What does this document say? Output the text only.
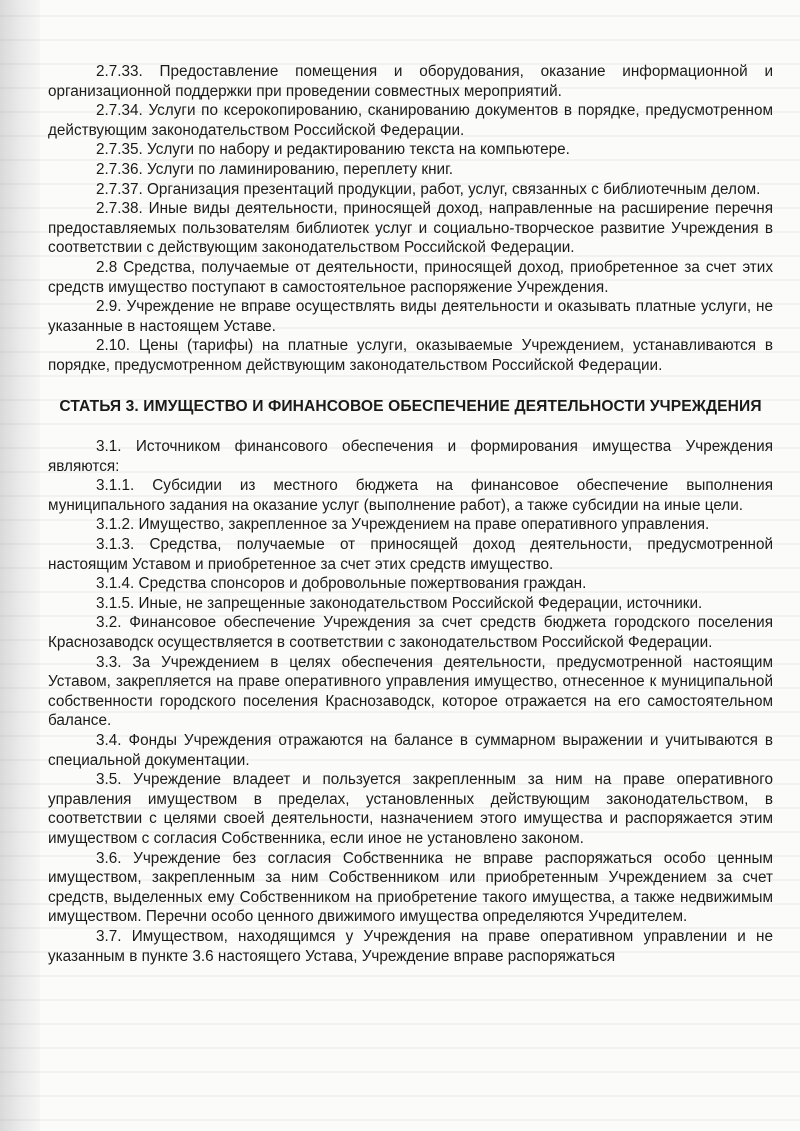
2.7.33. Предоставление помещения и оборудования, оказание информационной и организационной поддержки при проведении совместных мероприятий.

2.7.34. Услуги по ксерокопированию, сканированию документов в порядке, предусмотренном действующим законодательством Российской Федерации.

2.7.35. Услуги по набору и редактированию текста на компьютере.

2.7.36. Услуги по ламинированию, переплету книг.

2.7.37. Организация презентаций продукции, работ, услуг, связанных с библиотечным делом.

2.7.38. Иные виды деятельности, приносящей доход, направленные на расширение перечня предоставляемых пользователям библиотек услуг и социально-творческое развитие Учреждения в соответствии с действующим законодательством Российской Федерации.

2.8 Средства, получаемые от деятельности, приносящей доход, приобретенное за счет этих средств имущество поступают в самостоятельное распоряжение Учреждения.

2.9. Учреждение не вправе осуществлять виды деятельности и оказывать платные услуги, не указанные в настоящем Уставе.

2.10. Цены (тарифы) на платные услуги, оказываемые Учреждением, устанавливаются в порядке, предусмотренном действующим законодательством Российской Федерации.

СТАТЬЯ 3. ИМУЩЕСТВО И ФИНАНСОВОЕ ОБЕСПЕЧЕНИЕ ДЕЯТЕЛЬНОСТИ УЧРЕЖДЕНИЯ

3.1. Источником финансового обеспечения и формирования имущества Учреждения являются:

3.1.1. Субсидии из местного бюджета на финансовое обеспечение выполнения муниципального задания на оказание услуг (выполнение работ), а также субсидии на иные цели.

3.1.2. Имущество, закрепленное за Учреждением на праве оперативного управления.

3.1.3. Средства, получаемые от приносящей доход деятельности, предусмотренной настоящим Уставом и приобретенное за счет этих средств имущество.

3.1.4. Средства спонсоров и добровольные пожертвования граждан.

3.1.5. Иные, не запрещенные законодательством Российской Федерации, источники.

3.2. Финансовое обеспечение Учреждения за счет средств бюджета городского поселения Краснозаводск осуществляется в соответствии с законодательством Российской Федерации.

3.3. За Учреждением в целях обеспечения деятельности, предусмотренной настоящим Уставом, закрепляется на праве оперативного управления имущество, отнесенное к муниципальной собственности городского поселения Краснозаводск, которое отражается на его самостоятельном балансе.

3.4. Фонды Учреждения отражаются на балансе в суммарном выражении и учитываются в специальной документации.

3.5. Учреждение владеет и пользуется закрепленным за ним на праве оперативного управления имуществом в пределах, установленных действующим законодательством, в соответствии с целями своей деятельности, назначением этого имущества и распоряжается этим имуществом с согласия Собственника, если иное не установлено законом.

3.6. Учреждение без согласия Собственника не вправе распоряжаться особо ценным имуществом, закрепленным за ним Собственником или приобретенным Учреждением за счет средств, выделенных ему Собственником на приобретение такого имущества, а также недвижимым имуществом. Перечни особо ценного движимого имущества определяются Учредителем.

3.7. Имуществом, находящимся у Учреждения на праве оперативном управлении и не указанным в пункте 3.6 настоящего Устава, Учреждение вправе распоряжаться
